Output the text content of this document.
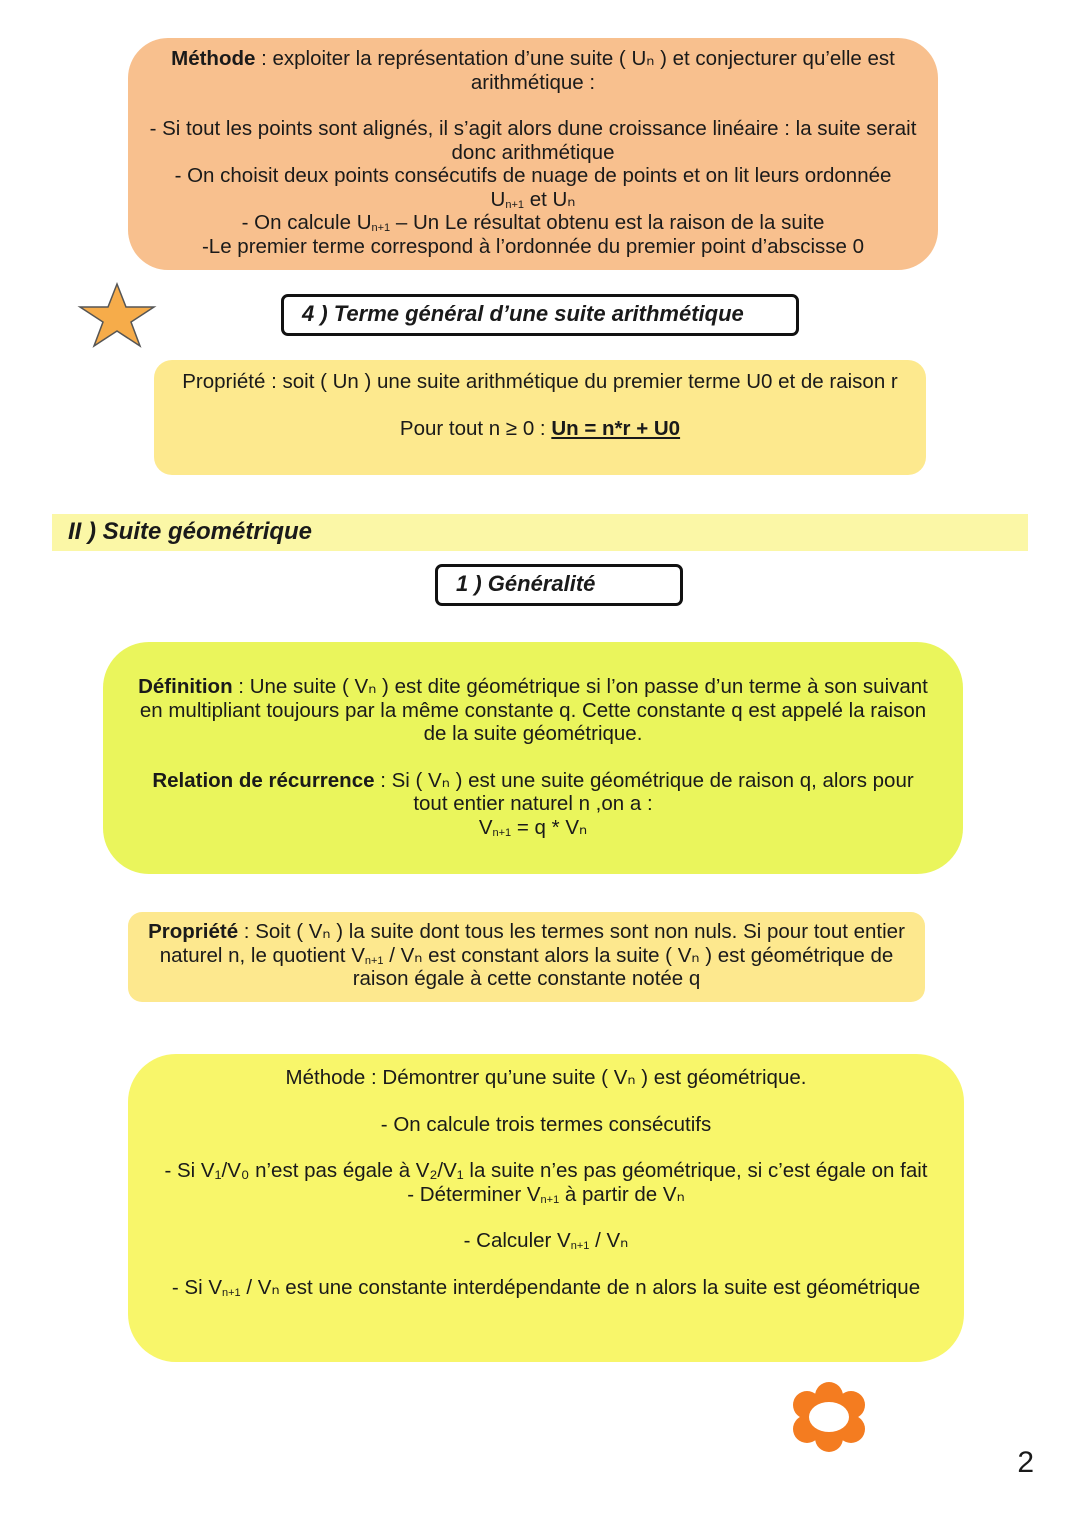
Méthode : exploiter la représentation d’une suite ( Uₙ ) et conjecturer qu’elle est arithmétique :

- Si tout les points sont alignés, il s’agit alors dune croissance linéaire : la suite serait donc arithmétique

- On choisit deux points consécutifs de nuage de points et on lit leurs ordonnée

$U_{n+1}$ et Uₙ

- On calcule $U_{n+1}$ – Un Le résultat obtenu est la raison de la suite

-Le premier terme correspond à l’ordonnée du premier point d’abscisse 0

4 ) Terme général d’une suite arithmétique

Propriété : soit ( Un ) une suite arithmétique du premier terme U0 et de raison r

Pour tout n ≥ 0 : Un = n*r + U0

II ) Suite géométrique
1 ) Généralité

Définition : Une suite ( Vₙ ) est dite géométrique si l’on passe d’un terme à son suivant en multipliant toujours par la même constante q. Cette constante q est appelé la raison de la suite géométrique.

Relation de récurrence : Si ( Vₙ ) est une suite géométrique de raison q, alors pour tout entier naturel n ,on a :

$V_{n+1} = q * V_n$

Propriété : Soit ( Vₙ ) la suite dont tous les termes sont non nuls. Si pour tout entier naturel n, le quotient $V_{n+1}$ / Vₙ est constant alors la suite ( Vₙ ) est géométrique de raison égale à cette constante notée q

Méthode : Démontrer qu’une suite ( Vₙ ) est géométrique.

- On calcule trois termes consécutifs

- Si V₁/V₀ n’est pas égale à V₂/V₁ la suite n’es pas géométrique, si c’est égale on fait

- Déterminer $V_{n+1}$ à partir de Vₙ

- Calculer $V_{n+1}$ / Vₙ

- Si $V_{n+1}$ / Vₙ est une constante interdépendante de n alors la suite est géométrique

2
